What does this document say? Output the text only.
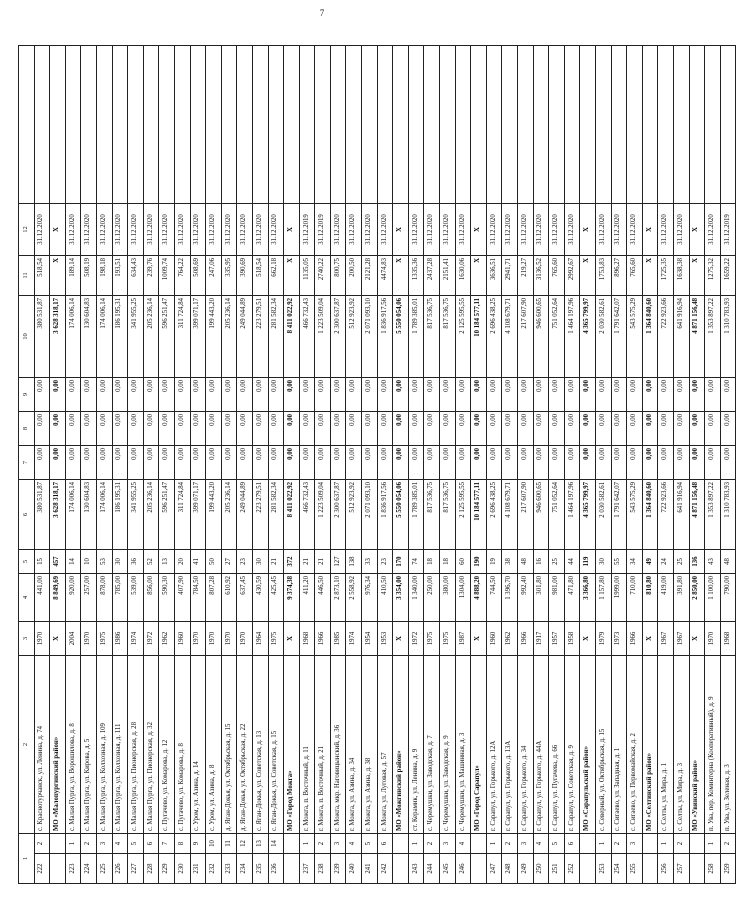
7
1		2	3	4	5	6	7	8	9	10	11	12	
222	2	с. Краснотурчанск, ул. Ленина, д. 74	1970	441,00	15	380 531,87	0,00	0,00	0,00	380 531,87	518,54	31.12.2020	
		МО «Малопургинский район»	X	8 849,69	457	3 628 318,17	0,00	0,00	0,00	3 628 318,17	X	X	
223	1	с. Малая Пурга, ул. Ворошилова, д. 8	2004	920,00	14	174 006,14	0,00	0,00	0,00	174 006,14	189,14	31.12.2020	
224	2	с. Малая Пурга, ул. Кирова, д. 5	1970	257,00	10	130 604,83	0,00	0,00	0,00	130 604,83	508,19	31.12.2020	
225	3	с. Малая Пурга, ул. Колхозная, д. 109	1975	878,00	53	174 006,14	0,00	0,00	0,00	174 006,14	198,18	31.12.2020	
226	4	с. Малая Пурга, ул. Колхозная, д. 111	1986	785,00	30	186 195,31	0,00	0,00	0,00	186 195,31	193,51	31.12.2020	
227	5	с. Малая Пурга, ул. Пионерская, д. 28	1974	539,00	36	341 955,25	0,00	0,00	0,00	341 955,25	634,43	31.12.2020	
228	6	с. Малая Пурга, ул. Пионерская, д. 32	1972	856,00	52	205 236,14	0,00	0,00	0,00	205 236,14	239,76	31.12.2020	
229	7	с. Пугачево, ул. Комарова, д. 12	1962	590,30	13	596 251,47	0,00	0,00	0,00	596 251,47	1009,74	31.12.2020	
230	8	с. Пугачево, ул. Комарова, д. 8	1960	407,90	20	311 724,84	0,00	0,00	0,00	311 724,84	764,22	31.12.2020	
231	9	с. Уром, ул. Азина, д. 14	1970	784,50	41	399 071,17	0,00	0,00	0,00	399 071,17	508,69	31.12.2020	
232	10	с. Уром, ул. Азина, д. 8	1970	807,28	50	199 443,20	0,00	0,00	0,00	199 443,20	247,06	31.12.2020	
233	11	д. Яган-Докья, ул. Октябрьская, д. 15	1970	610,92	27	205 236,14	0,00	0,00	0,00	205 236,14	335,95	31.12.2020	
234	12	д. Яган-Докья, ул. Октябрьская, д. 22	1970	637,45	23	249 044,89	0,00	0,00	0,00	249 044,89	390,69	31.12.2020	
235	13	с. Яган-Докья, ул. Советская, д. 13	1964	430,59	30	223 279,51	0,00	0,00	0,00	223 279,51	518,54	31.12.2020	
236	14	с. Яган-Докья, ул. Советская, д. 15	1975	425,45	21	281 582,34	0,00	0,00	0,00	281 582,34	662,18	31.12.2020	
		МО «Город Можга»	X	9 374,38	372	8 411 022,92	0,00	0,00	0,00	8 411 022,92	X	X	
237	1	г. Можга, п. Восточный, д. 11	1968	411,20	21	466 732,43	0,00	0,00	0,00	466 732,43	1135,05	31.12.2019	
238	2	г. Можга, п. Восточный, д. 21	1966	446,50	21	1 223 509,04	0,00	0,00	0,00	1 223 509,04	2740,22	31.12.2019	
239	3	г. Можга, мкр. Наговицынский, д. 36	1985	2 873,10	127	2 300 637,87	0,00	0,00	0,00	2 300 637,87	800,75	31.12.2020	
240	4	г. Можга, ул. Азина, д. 34	1974	2 558,92	138	512 923,92	0,00	0,00	0,00	512 923,92	200,50	31.12.2020	
241	5	г. Можга, ул. Азина, д. 38	1954	976,34	33	2 071 093,10	0,00	0,00	0,00	2 071 093,10	2121,28	31.12.2020	
242	6	г. Можга, ул. Луговая, д. 57	1953	410,50	23	1 836 917,56	0,00	0,00	0,00	1 836 917,56	4474,83	31.12.2020	
		МО «Можгинский район»	X	3 354,00	170	5 550 054,06	0,00	0,00	0,00	5 550 054,06	X	X	
243	1	ст. Керамик, ул. Ленина, д. 9	1972	1 340,00	74	1 789 385,01	0,00	0,00	0,00	1 789 385,01	1335,36	31.12.2020	
244	2	с. Черемушки, ул. Заводская, д. 7	1975	250,00	18	817 536,75	0,00	0,00	0,00	817 536,75	2437,28	31.12.2020	
245	3	с. Черемушки, ул. Заводская, д. 9	1975	380,00	18	817 536,75	0,00	0,00	0,00	817 536,75	2151,41	31.12.2020	
246	4	с. Черемушки, ул. Машинная, д. 3	1987	1304,00	60	2 125 595,55	0,00	0,00	0,00	2 125 595,55	1630,06	31.12.2020	
		МО «Город Сарапул»	X	4 888,20	190	10 184 577,11	0,00	0,00	0,00	10 184 577,11	X	X	
247	1	г. Сарапул, ул. Горького, д. 12А	1960	744,50	19	2 696 438,25	0,00	0,00	0,00	2 696 438,25	3636,51	31.12.2020	
248	2	г. Сарапул, ул. Горького, д. 13А	1962	1 396,70	38	4 108 679,71	0,00	0,00	0,00	4 108 679,71	2941,71	31.12.2020	
249	3	г. Сарапул, ул. Горького, д. 34	1966	992,40	48	217 607,90	0,00	0,00	0,00	217 607,90	219,27	31.12.2020	
250	4	г. Сарапул, ул. Горького, д. 44А	1917	301,80	16	946 600,65	0,00	0,00	0,00	946 600,65	3136,52	31.12.2020	
251	5	г. Сарапул, ул. Пугачева, д. 66	1957	981,00	25	751 052,64	0,00	0,00	0,00	751 052,64	765,60	31.12.2020	
252	6	г. Сарапул, ул. Советская, д. 9	1958	471,80	44	1 464 197,96	0,00	0,00	0,00	1 464 197,96	2992,67	31.12.2020	
		МО «Сарапульский район»	X	3 366,80	119	4 365 799,97	0,00	0,00	0,00	4 365 799,97	X	X	
253	1	с. Северный, ул. Октябрьская, д. 15	1979	1 157,80	30	2 030 582,61	0,00	0,00	0,00	2 030 582,61	1753,83	31.12.2020	
254	2	с. Сигаево, ул. Западная, д. 1	1973	1999,00	55	1 791 642,07	0,00	0,00	0,00	1 791 642,07	896,27	31.12.2020	
255	3	с. Сигаево, ул. Первомайская, д. 2	1966	710,00	34	543 575,29	0,00	0,00	0,00	543 575,29	765,60	31.12.2020	
		МО «Селтинский район»	X	810,80	49	1 364 840,60	0,00	0,00	0,00	1 364 840,60	X	X	
256	1	с. Селты, ул. Мира, д. 1	1967	419,00	24	722 923,66	0,00	0,00	0,00	722 923,66	1725,35	31.12.2020	
257	2	с. Селты, ул. Мира, д. 3	1967	391,80	25	641 916,94	0,00	0,00	0,00	641 916,94	1638,38	31.12.2020	
		МО «Увинский район»	X	2 850,00	136	4 871 156,48	0,00	0,00	0,00	4 871 156,48	X	X	
258	1	п. Ува, пер. Коминтерна (Кооперативный), д. 9	1970	1 100,00	43	1 353 897,22	0,00	0,00	0,00	1 353 897,22	1275,32	31.12.2020	
259	2	п. Ува, ул. Зеленая, д. 3	1968	790,00	48	1 310 783,93	0,00	0,00	0,00	1 310 783,93	1659,22	31.12.2019	
